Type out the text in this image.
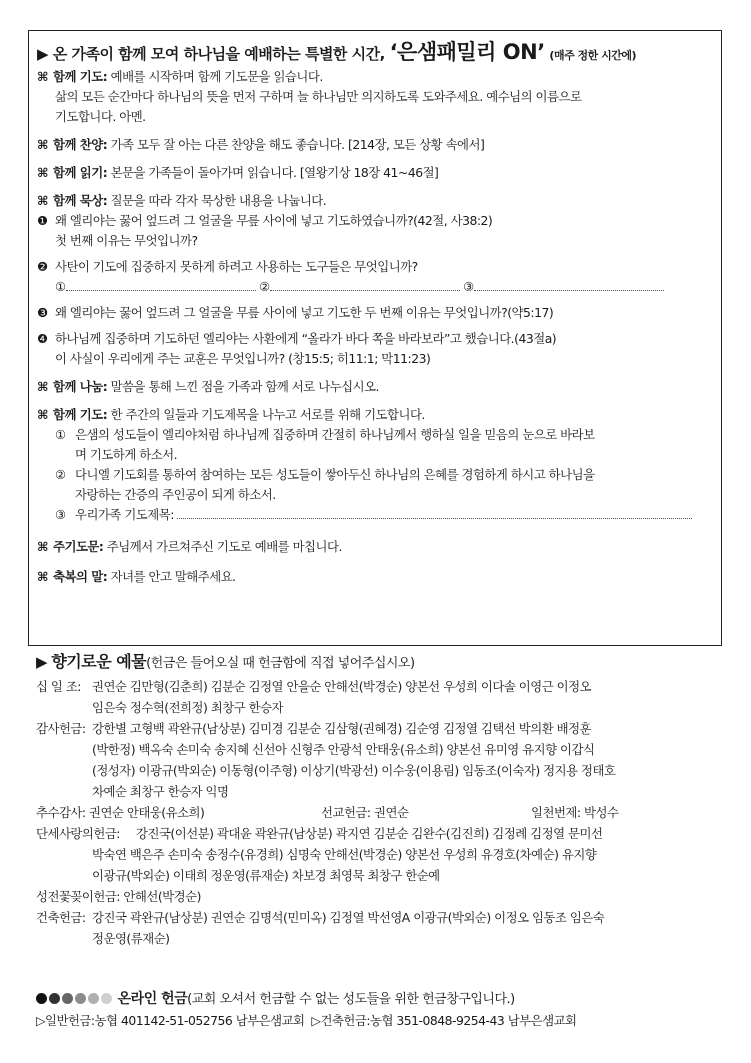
▶ 온 가족이 함께 모여 하나님을 예배하는 특별한 시간, ‘은샘패밀리 ON’ (매주 정한 시간에)
⌘ 함께 기도: 예배를 시작하며 함께 기도문을 읽습니다.
삶의 모든 순간마다 하나님의 뜻을 먼저 구하며 늘 하나님만 의지하도록 도와주세요. 예수님의 이름으로
기도합니다. 아멘.
⌘ 함께 찬양: 가족 모두 잘 아는 다른 찬양을 해도 좋습니다. [214장, 모든 상황 속에서]
⌘ 함께 읽기: 본문을 가족들이 돌아가며 읽습니다. [열왕기상 18장 41~46절]
⌘ 함께 묵상: 질문을 따라 각자 묵상한 내용을 나눕니다.
❶ 왜 엘리야는 꿇어 엎드려 그 얼굴을 무릎 사이에 넣고 기도하였습니까?(42절, 사38:2)
첫 번째 이유는 무엇입니까?
❷ 사탄이 기도에 집중하지 못하게 하려고 사용하는 도구들은 무엇입니까?
①	②	③
❸ 왜 엘리야는 꿇어 엎드려 그 얼굴을 무릎 사이에 넣고 기도한 두 번째 이유는 무엇입니까?(약5:17)
❹ 하나님께 집중하며 기도하던 엘리야는 사환에게 “올라가 바다 쪽을 바라보라”고 했습니다.(43절a)
이 사실이 우리에게 주는 교훈은 무엇입니까? (창15:5; 히11:1; 막11:23)
⌘ 함께 나눔: 말씀을 통해 느낀 점을 가족과 함께 서로 나누십시오.
⌘ 함께 기도: 한 주간의 일들과 기도제목을 나누고 서로를 위해 기도합니다.
① 은샘의 성도들이 엘리야처럼 하나님께 집중하며 간절히 하나님께서 행하실 일을 믿음의 눈으로 바라보
며 기도하게 하소서.
② 다니엘 기도회를 통하여 참여하는 모든 성도들이 쌓아두신 하나님의 은혜를 경험하게 하시고 하나님을
자랑하는 간증의 주인공이 되게 하소서.
③ 우리가족 기도제목:
⌘ 주기도문: 주님께서 가르쳐주신 기도로 예배를 마칩니다.
⌘ 축복의 말: 자녀를 안고 말해주세요.
▶ 향기로운 예물(헌금은 들어오실 때 헌금함에 직접 넣어주십시오)
십 일 조: 권연순 김만형(김춘희) 김분순 김정열 안을순 안해선(박경순) 양본선 우성희 이다솔 이영근 이정오
임은숙 정수혁(전희정) 최창구 한승자
감사헌금: 강한별 고형백 곽완규(남상분) 김미경 김분순 김삼형(권혜경) 김순영 김정열 김택선 박의환 배정훈
(박한정) 백옥숙 손미숙 송지혜 신선아 신형주 안광석 안태웅(유소희) 양본선 유미영 유지향 이갑식
(정성자) 이광규(박외순) 이동형(이주형) 이상기(박광선) 이수웅(이용림) 임동조(이숙자) 정지용 정태호
차예순 최창구 한승자 익명
추수감사: 권연순 안태웅(유소희)	선교헌금: 권연순	일천번제: 박성수
단세사랑의헌금:	강진국(이선분) 곽대윤 곽완규(남상분) 곽지연 김분순 김완수(김진희) 김정례 김정열 문미선
박숙연 백은주 손미숙 송정수(유경희) 심명숙 안해선(박경순) 양본선 우성희 유경호(차예순) 유지향
이광규(박외순) 이태희 정운영(류재순) 차보경 최영묵 최창구 한순예
성전꽃꽂이헌금:
안해선(박경순)
건축헌금: 강진국 곽완규(남상분) 권연순 김명석(민미옥) 김정열 박선영A 이광규(박외순) 이정오 임동조 임은숙
정운영(류재순)
온라인 헌금(교회 오셔서 헌금할 수 없는 성도들을 위한 헌금창구입니다.)
▷일반헌금:농협 401142-51-052756 남부은샘교회 ▷건축헌금:농협 351-0848-9254-43 남부은샘교회
